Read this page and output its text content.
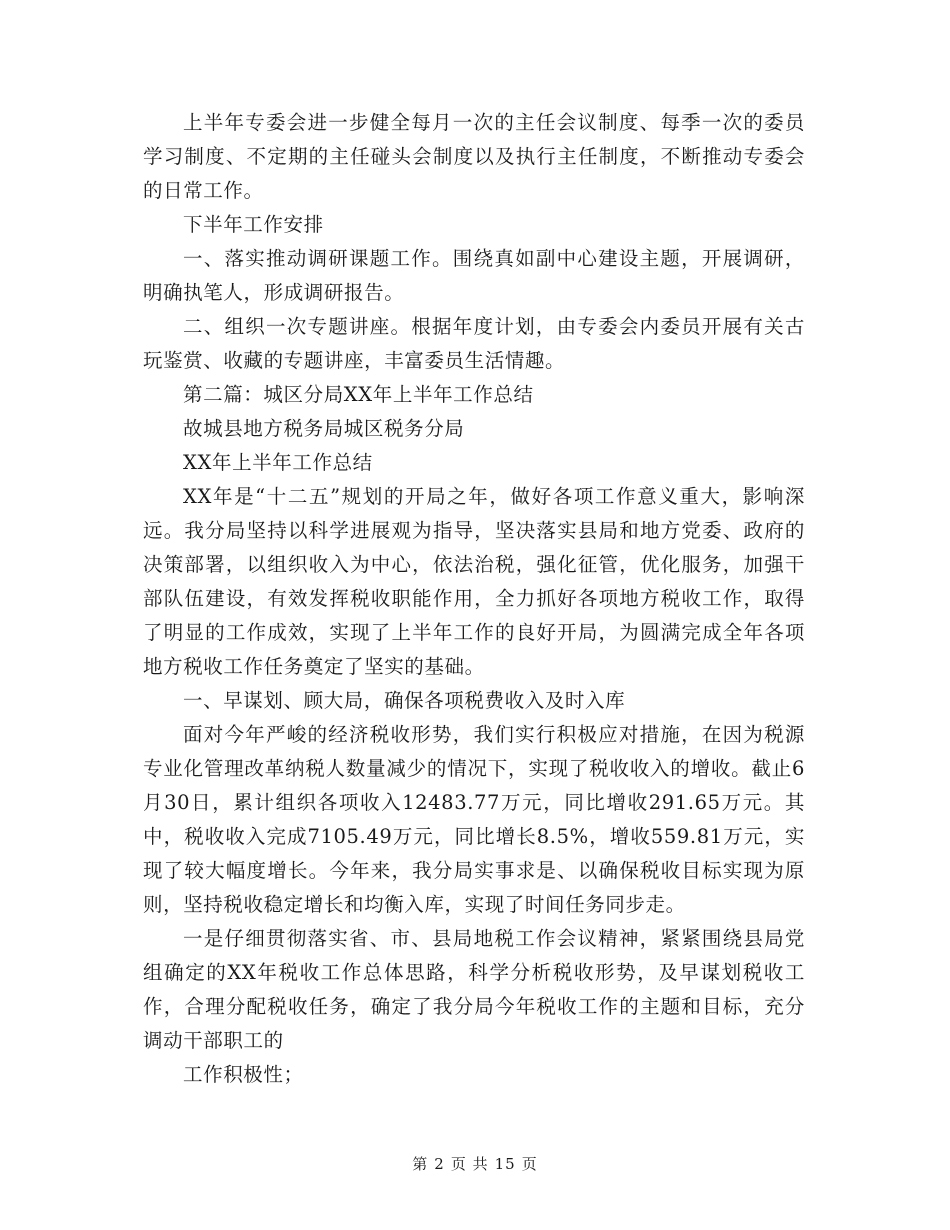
上半年专委会进一步健全每月一次的主任会议制度、每季一次的委员学习制度、不定期的主任碰头会制度以及执行主任制度，不断推动专委会的日常工作。

下半年工作安排

一、落实推动调研课题工作。围绕真如副中心建设主题，开展调研，明确执笔人，形成调研报告。

二、组织一次专题讲座。根据年度计划，由专委会内委员开展有关古玩鉴赏、收藏的专题讲座，丰富委员生活情趣。

第二篇：城区分局XX年上半年工作总结

故城县地方税务局城区税务分局

XX年上半年工作总结

XX年是“十二五”规划的开局之年，做好各项工作意义重大，影响深远。我分局坚持以科学进展观为指导，坚决落实县局和地方党委、政府的决策部署，以组织收入为中心，依法治税，强化征管，优化服务，加强干部队伍建设，有效发挥税收职能作用，全力抓好各项地方税收工作，取得了明显的工作成效，实现了上半年工作的良好开局，为圆满完成全年各项地方税收工作任务奠定了坚实的基础。

一、早谋划、顾大局，确保各项税费收入及时入库

面对今年严峻的经济税收形势，我们实行积极应对措施，在因为税源专业化管理改革纳税人数量减少的情况下，实现了税收收入的增收。截止6月30日，累计组织各项收入12483.77万元，同比增收291.65万元。其中，税收收入完成7105.49万元，同比增长8.5%，增收559.81万元，实现了较大幅度增长。今年来，我分局实事求是、以确保税收目标实现为原则，坚持税收稳定增长和均衡入库，实现了时间任务同步走。

一是仔细贯彻落实省、市、县局地税工作会议精神，紧紧围绕县局党组确定的XX年税收工作总体思路，科学分析税收形势，及早谋划税收工作，合理分配税收任务，确定了我分局今年税收工作的主题和目标，充分调动干部职工的

工作积极性；

第 2 页 共 15 页
